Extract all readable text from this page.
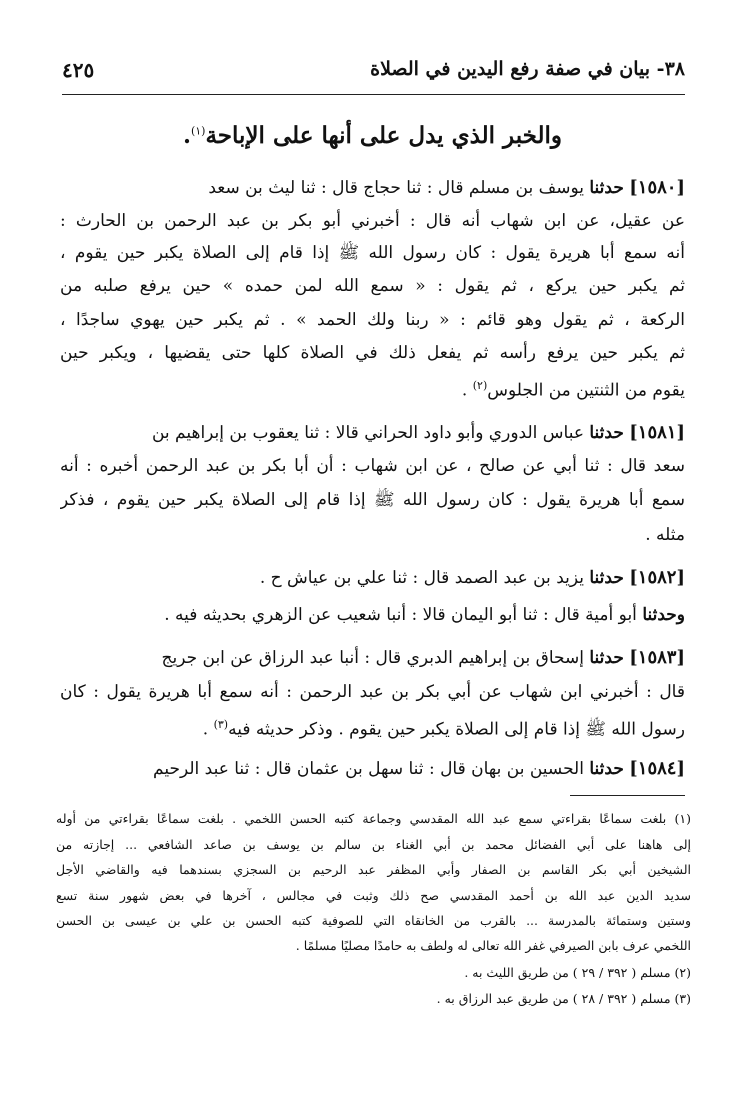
٣٨- بيان في صفة رفع اليدين في الصلاة
٤٢٥
والخبر الذي يدل على أنها على الإباحة$^{(١)}$.
[١٥٨٠] حدثنا يوسف بن مسلم قال : ثنا حجاج قال : ثنا ليث بن سعد
عن عقيل، عن ابن شهاب أنه قال : أخبرني أبو بكر بن عبد الرحمن بن الحارث :
أنه سمع أبا هريرة يقول : كان رسول الله ﷺ إذا قام إلى الصلاة يكبر حين يقوم ،
ثم يكبر حين يركع ، ثم يقول : « سمع الله لمن حمده » حين يرفع صلبه من
الركعة ، ثم يقول وهو قائم : « ربنا ولك الحمد » . ثم يكبر حين يهوي ساجدًا ،
ثم يكبر حين يرفع رأسه ثم يفعل ذلك في الصلاة كلها حتى يقضيها ، ويكبر حين
يقوم من الثنتين من الجلوس$^{(٢)}$ .
[١٥٨١] حدثنا عباس الدوري وأبو داود الحراني قالا : ثنا يعقوب بن إبراهيم بن
سعد قال : ثنا أبي عن صالح ، عن ابن شهاب : أن أبا بكر بن عبد الرحمن أخبره : أنه
سمع أبا هريرة يقول : كان رسول الله ﷺ إذا قام إلى الصلاة يكبر حين يقوم ، فذكر
مثله .
[١٥٨٢] حدثنا يزيد بن عبد الصمد قال : ثنا علي بن عياش ح .
وحدثنا أبو أمية قال : ثنا أبو اليمان قالا : أنبا شعيب عن الزهري بحديثه فيه .
[١٥٨٣] حدثنا إسحاق بن إبراهيم الدبري قال : أنبا عبد الرزاق عن ابن جريج
قال : أخبرني ابن شهاب عن أبي بكر بن عبد الرحمن : أنه سمع أبا هريرة يقول : كان
رسول الله ﷺ إذا قام إلى الصلاة يكبر حين يقوم . وذكر حديثه فيه$^{(٣)}$ .
[١٥٨٤] حدثنا الحسين بن بهان قال : ثنا سهل بن عثمان قال : ثنا عبد الرحيم
(١) بلغت سماعًا بقراءتي سمع عبد الله المقدسي وجماعة كتبه الحسن اللخمي . بلغت سماعًا بقراءتي من أوله
إلى هاهنا على أبي الفضائل محمد بن أبي الغناء بن سالم بن يوسف بن صاعد الشافعي ... إجازته من
الشيخين أبي بكر القاسم بن الصفار وأبي المظفر عبد الرحيم بن السجزي بسندهما فيه والقاضي الأجل
سديد الدين عبد الله بن أحمد المقدسي صح ذلك وثبت في مجالس ، آخرها في بعض شهور سنة تسع
وستين وستمائة بالمدرسة ... بالقرب من الخانقاه التي للصوفية كتبه الحسن بن علي بن عيسى بن الحسن
اللخمي عرف بابن الصيرفي غفر الله تعالى له ولطف به حامدًا مصليًا مسلمًا .
(٢) مسلم ( ٣٩٢ / ٢٩ ) من طريق الليث به .
(٣) مسلم ( ٣٩٢ / ٢٨ ) من طريق عبد الرزاق به .
